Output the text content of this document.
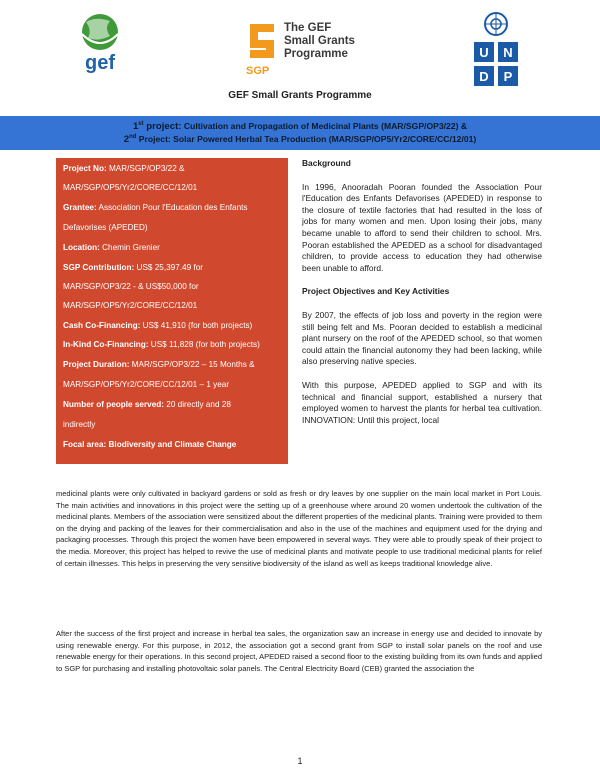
gef	SGP
The GEF
Small Grants
Programme	U N
D P
GEF Small Grants Programme
1st project: Cultivation and Propagation of Medicinal Plants (MAR/SGP/OP3/22) &
2nd Project: Solar Powered Herbal Tea Production (MAR/SGP/OP5/Yr2/CORE/CC/12/01)
Project No: MAR/SGP/OP3/22 &
MAR/SGP/OP5/Yr2/CORE/CC/12/01
Grantee: Association Pour l'Education des Enfants
Defavorises (APEDED)
Location: Chemin Grenier
SGP Contribution: US$ 25,397.49 for
MAR/SGP/OP3/22 - & US$50,000 for
MAR/SGP/OP5/Yr2/CORE/CC/12/01
Cash Co-Financing: US$ 41,910 (for both projects)
In-Kind Co-Financing: US$ 11,828 (for both projects)
Project Duration: MAR/SGP/OP3/22 – 15 Months &
MAR/SGP/OP5/Yr2/CORE/CC/12/01 – 1 year
Number of people served: 20 directly and 28
indirectly
Focal area: Biodiversity and Climate Change

Background

In 1996, Anooradah Pooran founded the Association Pour l'Education des Enfants Defavorises (APEDED) in response to the closure of textile factories that had resulted in the loss of jobs for many women and men. Upon losing their jobs, many became unable to afford to send their children to school. Mrs. Pooran established the APEDED as a school for disadvantaged children, to provide access to education they had otherwise been unable to afford.

Project Objectives and Key Activities

By 2007, the effects of job loss and poverty in the region were still being felt and Ms. Pooran decided to establish a medicinal plant nursery on the roof of the APEDED school, so that women could attain the financial autonomy they had been lacking, while also preserving native species.

With this purpose, APEDED applied to SGP and with its technical and financial support, established a nursery that employed women to harvest the plants for herbal tea cultivation. INNOVATION: Until this project, local

medicinal plants were only cultivated in backyard gardens or sold as fresh or dry leaves by one supplier on the main local market in Port Louis. The main activities and innovations in this project were the setting up of a greenhouse where around 20 women undertook the cultivation of the medicinal plants. Members of the association were sensitized about the different properties of the medicinal plants. Training were provided to them on the drying and packing of the leaves for their commercialisation and also in the use of the machines and equipment used for the drying and packaging processes. Through this project the women have been empowered in several ways. They were able to proudly speak of their project to the media. Moreover, this project has helped to revive the use of medicinal plants and motivate people to use traditional medicinal plants for relief of certain illnesses. This helps in preserving the very sensitive biodiversity of the island as well as keeps traditional knowledge alive.

After the success of the first project and increase in herbal tea sales, the organization saw an increase in energy use and decided to innovate by using renewable energy. For this purpose, in 2012, the association got a second grant from SGP to install solar panels on the roof and use renewable energy for their operations. In this second project, APEDED raised a second floor to the existing building from its own funds and applied to SGP for purchasing and installing photovoltaic solar panels. The Central Electricity Board (CEB) granted the association the

1
